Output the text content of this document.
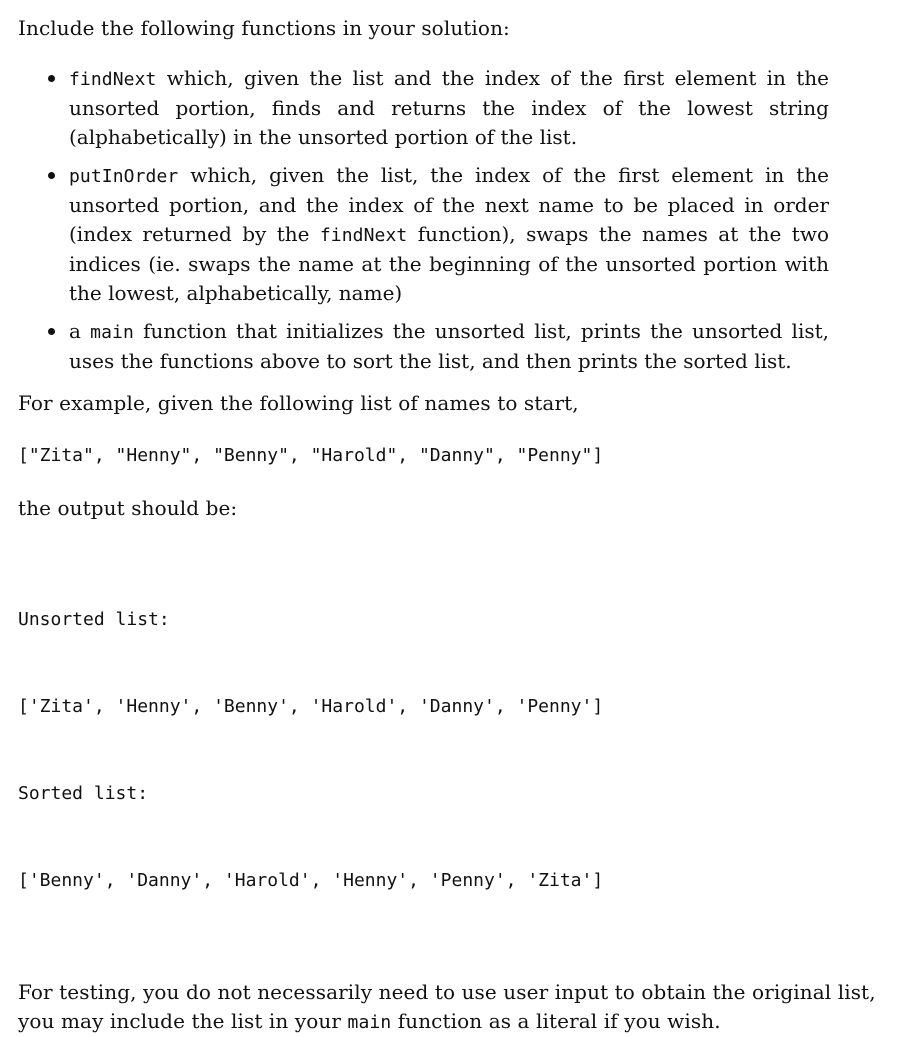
Include the following functions in your solution:

findNext which, given the list and the index of the first element in the unsorted portion, finds and returns the index of the lowest string (alphabetically) in the unsorted portion of the list.
putInOrder which, given the list, the index of the first element in the unsorted portion, and the index of the next name to be placed in order (index returned by the findNext function), swaps the names at the two indices (ie. swaps the name at the beginning of the unsorted portion with the lowest, alphabetically, name)
a main function that initializes the unsorted list, prints the unsorted list, uses the functions above to sort the list, and then prints the sorted list.

For example, given the following list of names to start,

["Zita", "Henny", "Benny", "Harold", "Danny", "Penny"]

the output should be:

Unsorted list:

['Zita', 'Henny', 'Benny', 'Harold', 'Danny', 'Penny']

Sorted list:

['Benny', 'Danny', 'Harold', 'Henny', 'Penny', 'Zita']

For testing, you do not necessarily need to use user input to obtain the original list, you may include the list in your main function as a literal if you wish.
